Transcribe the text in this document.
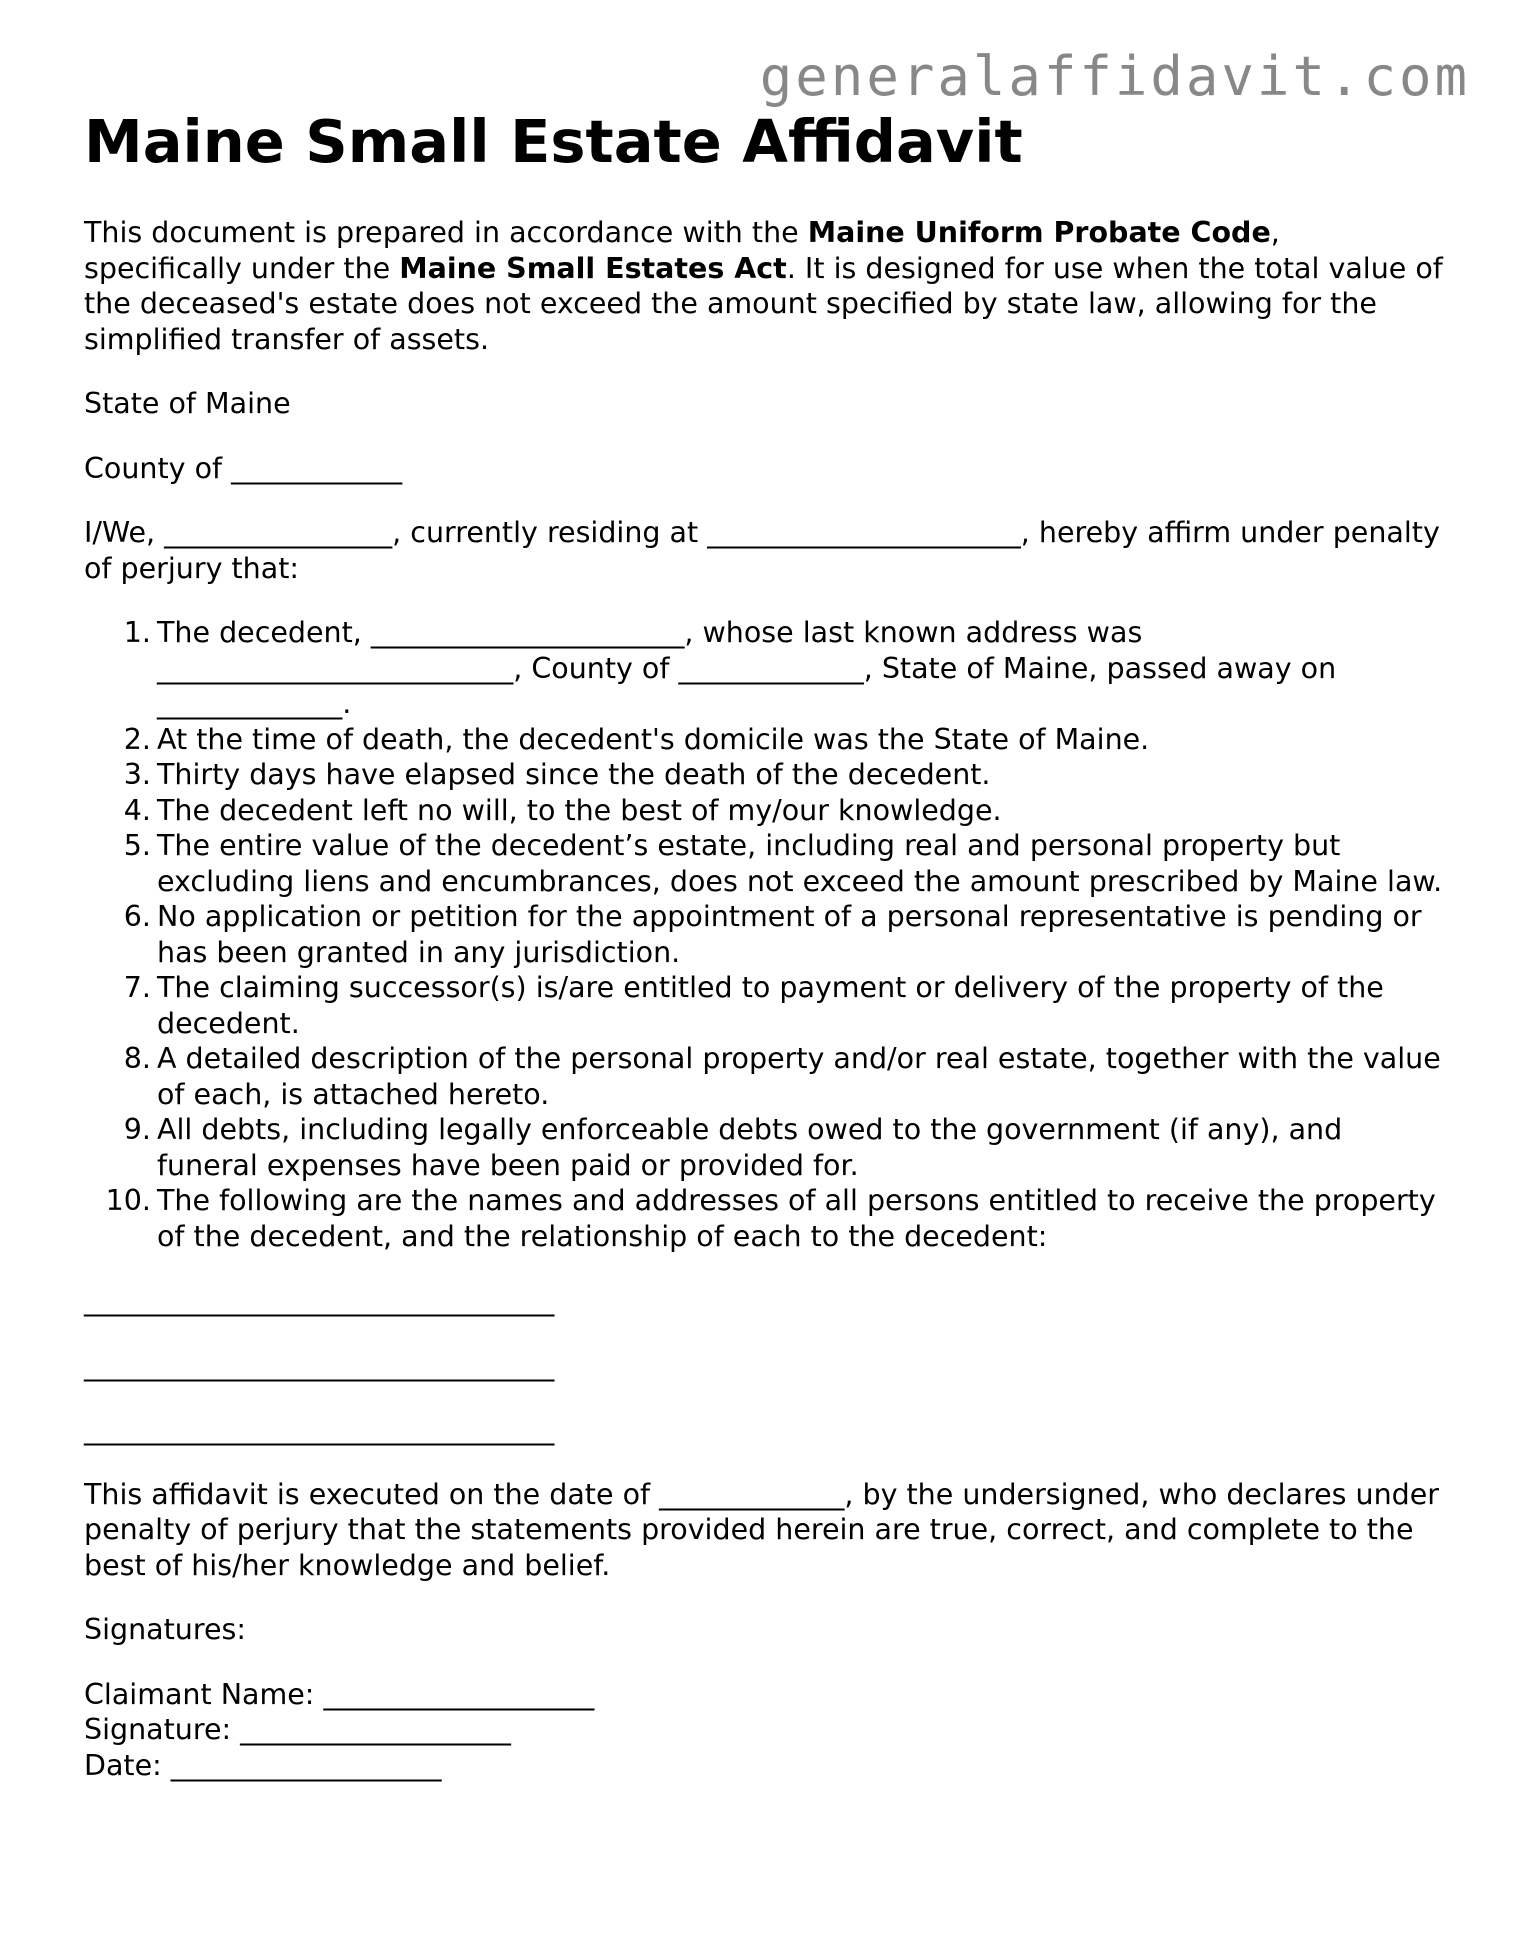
generalaffidavit.com
Maine Small Estate Affidavit

This document is prepared in accordance with the Maine Uniform Probate Code, specifically under the Maine Small Estates Act. It is designed for use when the total value of the deceased's estate does not exceed the amount specified by state law, allowing for the simplified transfer of assets.

State of Maine

County of ____________

I/We, ________________, currently residing at ______________________, hereby affirm under penalty of perjury that:

1. The decedent, ______________________, whose last known address was _________________________, County of _____________, State of Maine, passed away on _____________.
2. At the time of death, the decedent's domicile was the State of Maine.
3. Thirty days have elapsed since the death of the decedent.
4. The decedent left no will, to the best of my/our knowledge.
5. The entire value of the decedent’s estate, including real and personal property but excluding liens and encumbrances, does not exceed the amount prescribed by Maine law.
6. No application or petition for the appointment of a personal representative is pending or has been granted in any jurisdiction.
7. The claiming successor(s) is/are entitled to payment or delivery of the property of the decedent.
8. A detailed description of the personal property and/or real estate, together with the value of each, is attached hereto.
9. All debts, including legally enforceable debts owed to the government (if any), and funeral expenses have been paid or provided for.
10. The following are the names and addresses of all persons entitled to receive the property of the decedent, and the relationship of each to the decedent:
_________________________________
_________________________________
_________________________________

This affidavit is executed on the date of _____________, by the undersigned, who declares under penalty of perjury that the statements provided herein are true, correct, and complete to the best of his/her knowledge and belief.

Signatures:

Claimant Name: ___________________
Signature: ___________________
Date: ___________________
